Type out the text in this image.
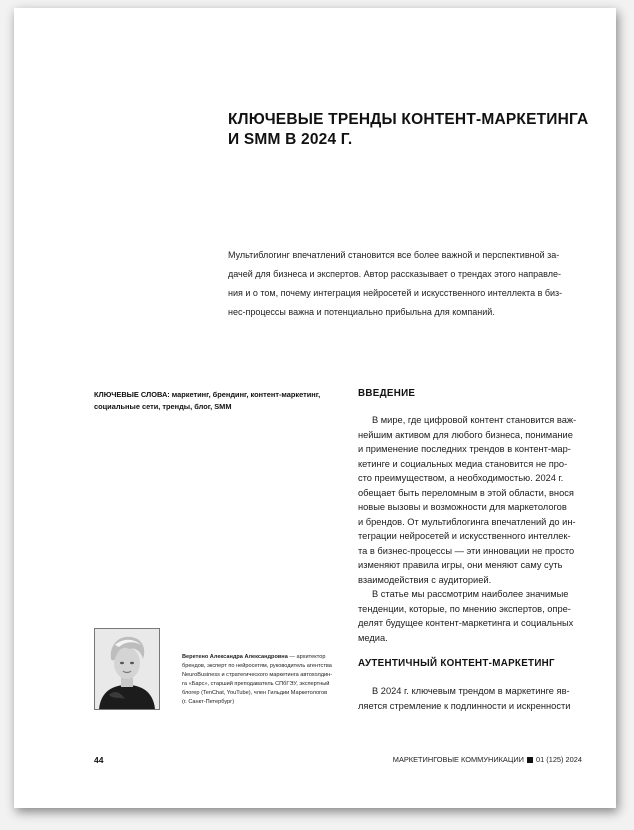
КЛЮЧЕВЫЕ ТРЕНДЫ КОНТЕНТ-МАРКЕТИНГА
И SMM В 2024 Г.
Мультиблогинг впечатлений становится все более важной и перспективной за-
дачей для бизнеса и экспертов. Автор рассказывает о трендах этого направле-
ния и о том, почему интеграция нейросетей и искусственного интеллекта в биз-
нес-процессы важна и потенциально прибыльна для компаний.
КЛЮЧЕВЫЕ СЛОВА: маркетинг, брендинг, контент-маркетинг,
социальные сети, тренды, блог, SMM
ВВЕДЕНИЕ
В мире, где цифровой контент становится важ-
нейшим активом для любого бизнеса, понимание
и применение последних трендов в контент-мар-
кетинге и социальных медиа становится не про-
сто преимуществом, а необходимостью. 2024 г.
обещает быть переломным в этой области, внося
новые вызовы и возможности для маркетологов
и брендов. От мультиблогинга впечатлений до ин-
теграции нейросетей и искусственного интеллек-
та в бизнес-процессы — эти инновации не просто
изменяют правила игры, они меняют саму суть
взаимодействия с аудиторией.
В статье мы рассмотрим наиболее значимые
тенденции, которые, по мнению экспертов, опре-
делят будущее контент-маркетинга и социальных
медиа.
АУТЕНТИЧНЫЙ КОНТЕНТ-МАРКЕТИНГ
В 2024 г. ключевым трендом в маркетинге яв-
ляется стремление к подлинности и искренности
Веретено Александра Александровна — архитектор
брендов, эксперт по нейросетям, руководитель агентства
NeuroBusiness и стратегического маркетинга автохолдин-
га «Барс», старший преподаватель СПбГЭУ, экспертный
блогер (TenChat, YouTube), член Гильдии Маркетологов
(г. Санкт-Петербург)
44	МАРКЕТИНГОВЫЕ КОММУНИКАЦИИ 01 (125) 2024
